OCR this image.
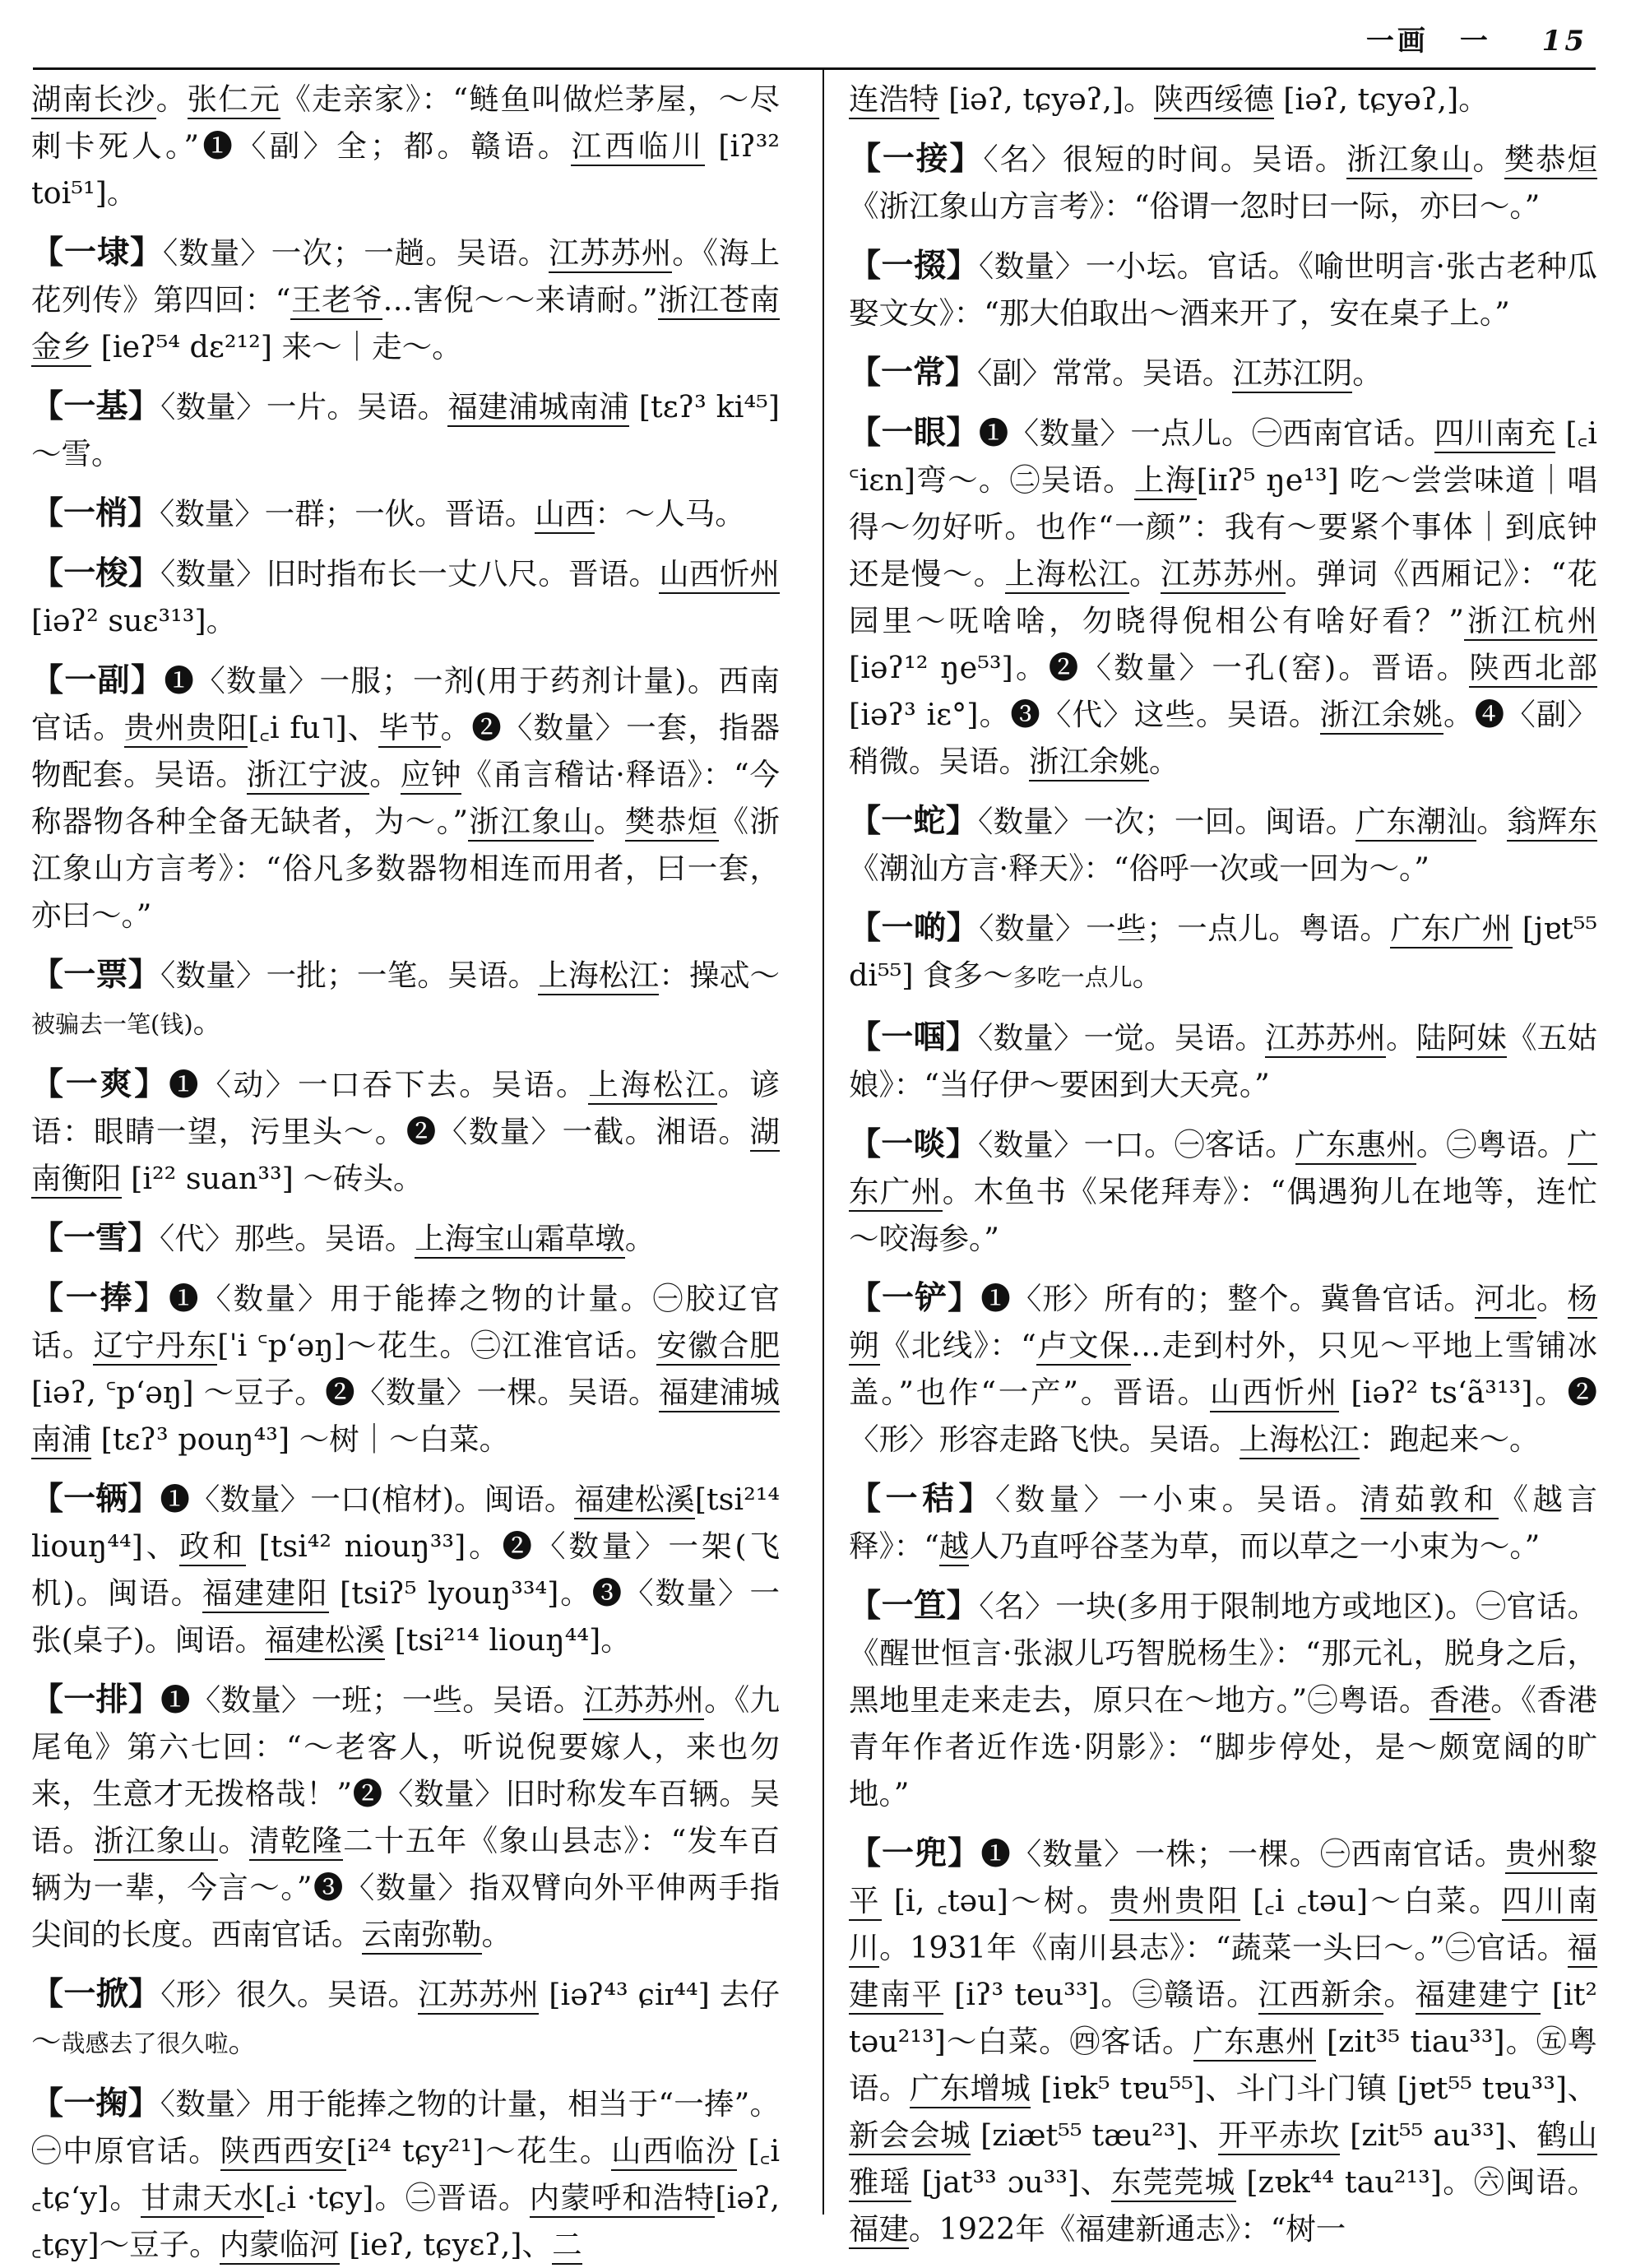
一画　一 15
湖南长沙。张仁元《走亲家》：“鲢鱼叫做烂茅屋，～尽刺卡死人。”❶〈副〉全；都。赣语。江西临川 [iʔ³² toi⁵¹]。
【 一埭 】 〈数量〉一次；一趟。吴语。江苏苏州。《海上花列传》第四回：“王老爷…害倪～～来请耐。”浙江苍南金乡 [ieʔ⁵⁴ dɛ²¹²] 来～｜走～。
【 一基 】 〈数量〉一片。吴语。福建浦城南浦 [tɛʔ³ ki⁴⁵] ～雪。
【 一梢 】 〈数量〉一群；一伙。晋语。山西：～人马。
【 一梭 】 〈数量〉旧时指布长一丈八尺。晋语。山西忻州 [iəʔ² suɛ³¹³]。
【 一副 】 ❶〈数量〉一服；一剂(用于药剂计量)。西南官话。贵州贵阳[꜀i fu˥]、毕节。❷〈数量〉一套，指器物配套。吴语。浙江宁波。应钟《甬言稽诂·释语》：“今称器物各种全备无缺者，为～。”浙江象山。樊恭烜《浙江象山方言考》：“俗凡多数器物相连而用者，曰一套，亦曰～。”
【 一票 】 〈数量〉一批；一笔。吴语。上海松江：操忒～被骗去一笔(钱)。
【 一爽 】 ❶〈动〉一口吞下去。吴语。上海松江。谚语：眼睛一望，污里头～。❷〈数量〉一截。湘语。湖南衡阳 [i²² suan³³] ～砖头。
【 一雪 】 〈代〉那些。吴语。上海宝山霜草墩。
【 一捧 】 ❶〈数量〉用于能捧之物的计量。㊀胶辽官话。辽宁丹东[ˈi ꜂pʻəŋ]～花生。㊁江淮官话。安徽合肥 [iəʔ, ꜂pʻəŋ] ～豆子。❷〈数量〉一棵。吴语。福建浦城南浦 [tɛʔ³ pouŋ⁴³] ～树｜～白菜。
【 一辆 】 ❶〈数量〉一口(棺材)。闽语。福建松溪[tsi²¹⁴ liouŋ⁴⁴]、政和 [tsi⁴² niouŋ³³]。❷〈数量〉一架(飞机)。闽语。福建建阳 [tsiʔ⁵ lyouŋ³³⁴]。❸〈数量〉一张(桌子)。闽语。福建松溪 [tsi²¹⁴ liouŋ⁴⁴]。
【 一排 】 ❶〈数量〉一班；一些。吴语。江苏苏州。《九尾龟》第六七回：“～老客人，听说倪要嫁人，来也勿来，生意才无拨格哉！”❷〈数量〉旧时称发车百辆。吴语。浙江象山。清乾隆二十五年《象山县志》：“发车百辆为一辈，今言～。”❸〈数量〉指双臂向外平伸两手指尖间的长度。西南官话。云南弥勒。
【 一掀 】 〈形〉很久。吴语。江苏苏州 [iəʔ⁴³ ɕiɪ⁴⁴] 去仔～哉感去了很久啦。
【 一掬 】 〈数量〉用于能捧之物的计量，相当于“一捧”。㊀中原官话。陕西西安[i²⁴ tɕy²¹]～花生。山西临汾 [꜀i ꜀tɕʻy]。甘肃天水[꜀i ·tɕy]。㊁晋语。内蒙呼和浩特[iəʔ, ꜀tɕy]～豆子。内蒙临河 [ieʔ, tɕyɛʔ,]、二
连浩特 [iəʔ, tɕyəʔ,]。陕西绥德 [iəʔ, tɕyəʔ,]。
【 一接 】 〈名〉很短的时间。吴语。浙江象山。樊恭烜《浙江象山方言考》：“俗谓一忽时曰一际，亦曰～。”
【 一掇 】 〈数量〉一小坛。官话。《喻世明言·张古老种瓜娶文女》：“那大伯取出～酒来开了，安在桌子上。”
【 一常 】 〈副〉常常。吴语。江苏江阴。
【 一眼 】 ❶〈数量〉一点儿。㊀西南官话。四川南充 [꜀i ꜂iɛn]弯～。㊁吴语。上海[iɪʔ⁵ ŋe¹³] 吃～尝尝味道｜唱得～勿好听。也作“一颜”：我有～要紧个事体｜到底钟还是慢～。上海松江。江苏苏州。弹词《西厢记》：“花园里～呒啥啥，勿晓得倪相公有啥好看？”浙江杭州 [iəʔ¹² ŋe⁵³]。❷〈数量〉一孔(窑)。晋语。陕西北部 [iəʔ³ iɛ°]。❸〈代〉这些。吴语。浙江余姚。❹〈副〉稍微。吴语。浙江余姚。
【 一蛇 】 〈数量〉一次；一回。闽语。广东潮汕。翁辉东《潮汕方言·释天》：“俗呼一次或一回为～。”
【 一啲 】 〈数量〉一些；一点儿。粤语。广东广州 [jɐt⁵⁵ di⁵⁵] 食多～多吃一点儿。
【 一啯 】 〈数量〉一觉。吴语。江苏苏州。陆阿妹《五姑娘》：“当仔伊～要困到大天亮。”
【 一啖 】 〈数量〉一口。㊀客话。广东惠州。㊁粤语。广东广州。木鱼书《呆佬拜寿》：“偶遇狗儿在地等，连忙～咬海参。”
【 一铲 】 ❶〈形〉所有的；整个。冀鲁官话。河北。杨朔《北线》：“卢文保…走到村外，只见～平地上雪铺冰盖。”也作“一产”。晋语。山西忻州 [iəʔ² tsʻã³¹³]。❷〈形〉形容走路飞快。吴语。上海松江：跑起来～。
【 一秸 】 〈数量〉一小束。吴语。清茹敦和《越言释》：“越人乃直呼谷茎为草，而以草之一小束为～。”
【 一笪 】 〈名〉一块(多用于限制地方或地区)。㊀官话。《醒世恒言·张淑儿巧智脱杨生》：“那元礼，脱身之后，黑地里走来走去，原只在～地方。”㊁粤语。香港。《香港青年作者近作选·阴影》：“脚步停处，是～颇宽阔的旷地。”
【 一兜 】 ❶〈数量〉一株；一棵。㊀西南官话。贵州黎平 [i, ꜀təu]～树。贵州贵阳 [꜀i ꜀təu]～白菜。四川南川。1931年《南川县志》：“蔬菜一头曰～。”㊁官话。福建南平 [iʔ³ teu³³]。㊂赣语。江西新余。福建建宁 [it² təu²¹³]～白菜。㊃客话。广东惠州 [zit³⁵ tiau³³]。㊄粤语。广东增城 [iɐk⁵ tɐu⁵⁵]、斗门斗门镇 [jɐt⁵⁵ tɐu³³]、新会会城 [ziæt⁵⁵ tæu²³]、开平赤坎 [zit⁵⁵ au³³]、鹤山雅瑶 [jat³³ ɔu³³]、东莞莞城 [zɐk⁴⁴ tau²¹³]。㊅闽语。福建。1922年《福建新通志》：“树一
